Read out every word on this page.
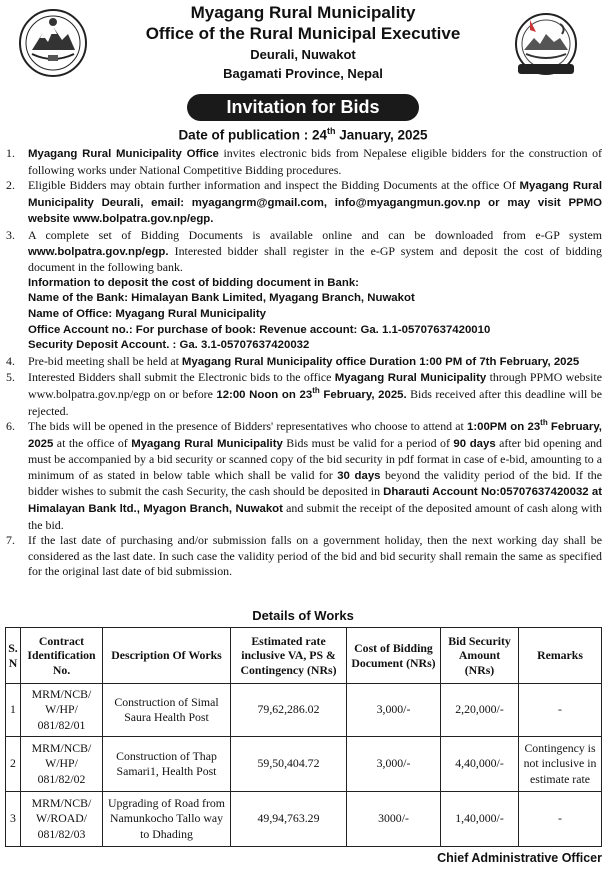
Myagang Rural Municipality
Office of the Rural Municipal Executive
Deurali, Nuwakot
Bagamati Province, Nepal
Invitation for Bids
Date of publication : 24th January, 2025
1. Myagang Rural Municipality Office invites electronic bids from Nepalese eligible bidders for the construction of following works under National Competitive Bidding procedures.
2. Eligible Bidders may obtain further information and inspect the Bidding Documents at the office Of Myagang Rural Municipality Deurali, email: myagangrm@gmail.com, info@myagangmun.gov.np or may visit PPMO website www.bolpatra.gov.np/egp.
3. A complete set of Bidding Documents is available online and can be downloaded from e-GP system www.bolpatra.gov.np/egp. Interested bidder shall register in the e-GP system and deposit the cost of bidding document in the following bank.
Information to deposit the cost of bidding document in Bank:
Name of the Bank: Himalayan Bank Limited, Myagang Branch, Nuwakot
Name of Office: Myagang Rural Municipality
Office Account no.: For purchase of book: Revenue account: Ga. 1.1-05707637420010
Security Deposit Account. : Ga. 3.1-05707637420032
4. Pre-bid meeting shall be held at Myagang Rural Municipality office Duration 1:00 PM of 7th February, 2025
5. Interested Bidders shall submit the Electronic bids to the office Myagang Rural Municipality through PPMO website www.bolpatra.gov.np/egp on or before 12:00 Noon on 23th February, 2025. Bids received after this deadline will be rejected.
6. The bids will be opened in the presence of Bidders' representatives who choose to attend at 1:00PM on 23th February, 2025 at the office of Myagang Rural Municipality Bids must be valid for a period of 90 days after bid opening and must be accompanied by a bid security or scanned copy of the bid security in pdf format in case of e-bid, amounting to a minimum of as stated in below table which shall be valid for 30 days beyond the validity period of the bid. If the bidder wishes to submit the cash Security, the cash should be deposited in Dharauti Account No:05707637420032 at Himalayan Bank ltd., Myagon Branch, Nuwakot and submit the receipt of the deposited amount of cash along with the bid.
7. If the last date of purchasing and/or submission falls on a government holiday, then the next working day shall be considered as the last date. In such case the validity period of the bid and bid security shall remain the same as specified for the original last date of bid submission.
Details of Works
S.
N	Contract Identification No.	Description Of Works	Estimated rate inclusive VA, PS & Contingency (NRs)	Cost of Bidding Document (NRs)	Bid Security Amount (NRs)	Remarks
1	MRM/NCB/ W/HP/ 081/82/01	Construction of Simal Saura Health Post	79,62,286.02	3,000/-	2,20,000/-	-
2	MRM/NCB/ W/HP/ 081/82/02	Construction of Thap Samari1, Health Post	59,50,404.72	3,000/-	4,40,000/-	Contingency is not inclusive in estimate rate
3	MRM/NCB/ W/ROAD/ 081/82/03	Upgrading of Road from Namunkocho Tallo way to Dhading	49,94,763.29	3000/-	1,40,000/-	-
Chief Administrative Officer
